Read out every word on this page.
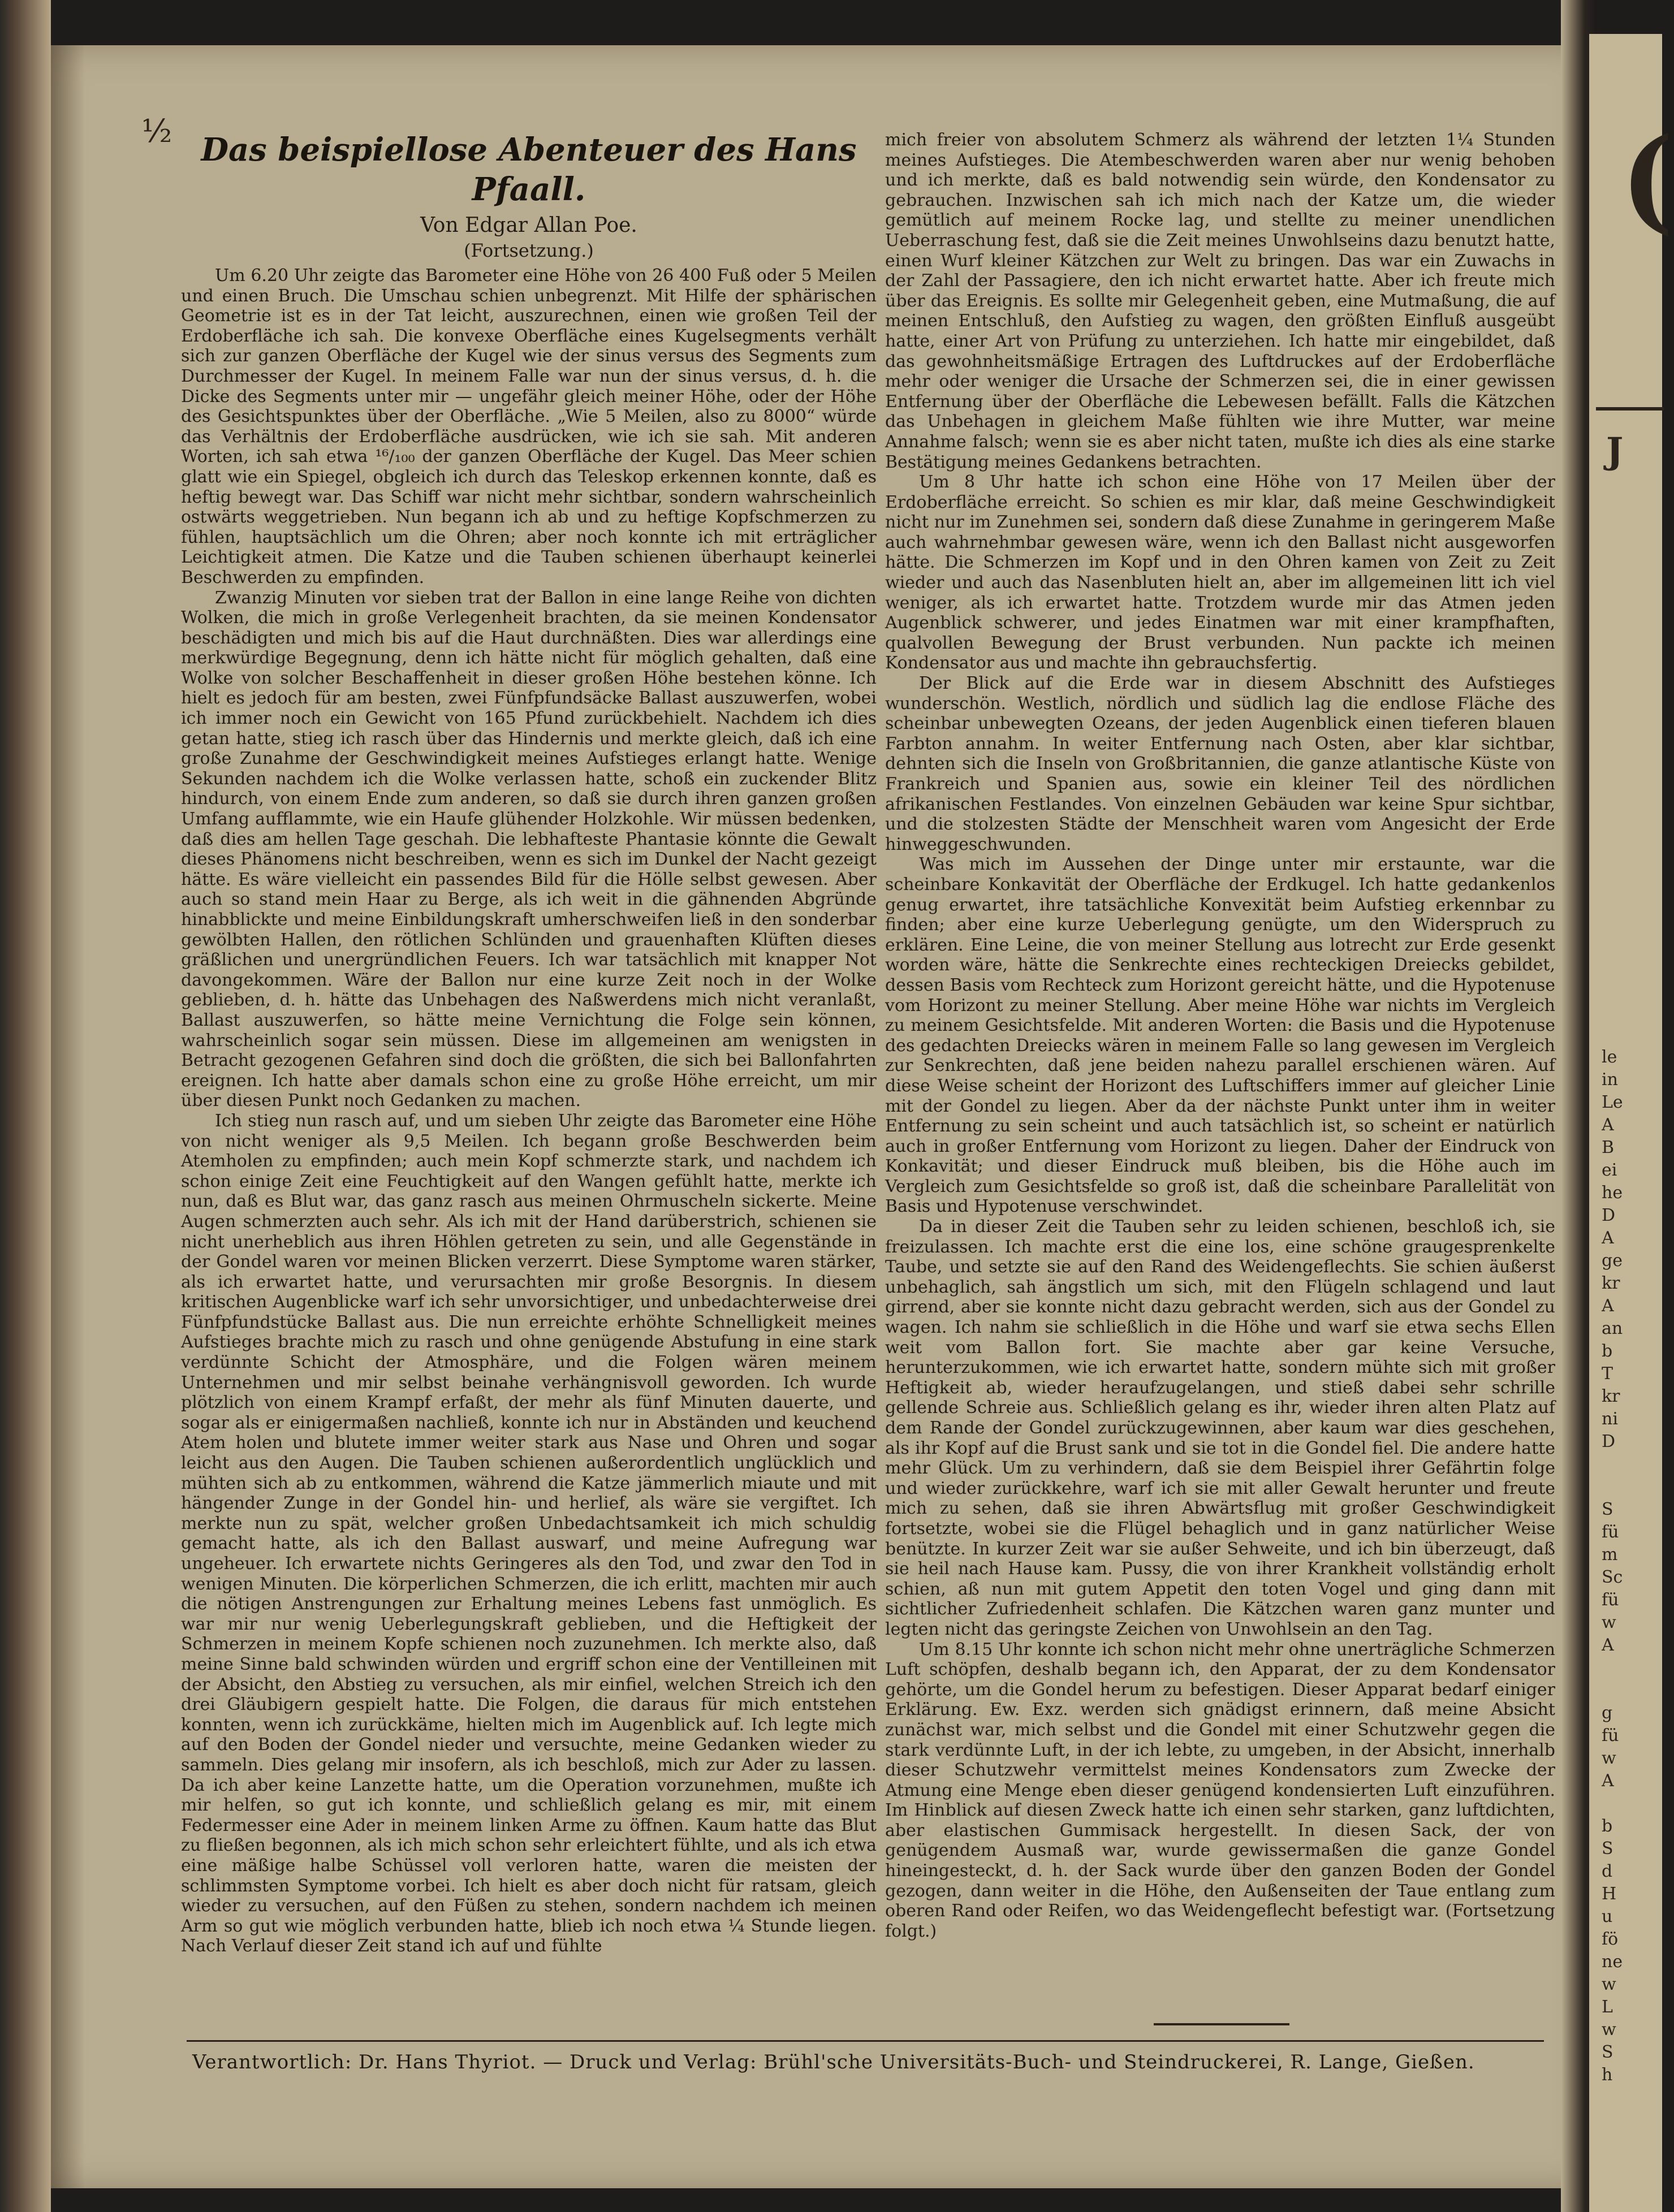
½ Das beispiellose Abenteuer des Hans Pfaall.
Von Edgar Allan Poe.
(Fortsetzung.)

Um 6.20 Uhr zeigte das Barometer eine Höhe von 26 400 Fuß oder 5 Meilen und einen Bruch. Die Umschau schien unbegrenzt. Mit Hilfe der sphärischen Geometrie ist es in der Tat leicht, auszurechnen, einen wie großen Teil der Erdoberfläche ich sah. Die konvexe Oberfläche eines Kugelsegments verhält sich zur ganzen Oberfläche der Kugel wie der sinus versus des Segments zum Durchmesser der Kugel. In meinem Falle war nun der sinus versus, d. h. die Dicke des Segments unter mir — ungefähr gleich meiner Höhe, oder der Höhe des Gesichtspunktes über der Oberfläche. „Wie 5 Meilen, also zu 8000“ würde das Verhältnis der Erdoberfläche ausdrücken, wie ich sie sah. Mit anderen Worten, ich sah etwa ¹⁶/₁₀₀ der ganzen Oberfläche der Kugel. Das Meer schien glatt wie ein Spiegel, obgleich ich durch das Teleskop erkennen konnte, daß es heftig bewegt war. Das Schiff war nicht mehr sichtbar, sondern wahrscheinlich ostwärts weggetrieben. Nun begann ich ab und zu heftige Kopfschmerzen zu fühlen, hauptsächlich um die Ohren; aber noch konnte ich mit erträglicher Leichtigkeit atmen. Die Katze und die Tauben schienen überhaupt keinerlei Beschwerden zu empfinden.

Zwanzig Minuten vor sieben trat der Ballon in eine lange Reihe von dichten Wolken, die mich in große Verlegenheit brachten, da sie meinen Kondensator beschädigten und mich bis auf die Haut durchnäßten. Dies war allerdings eine merkwürdige Begegnung, denn ich hätte nicht für möglich gehalten, daß eine Wolke von solcher Beschaffenheit in dieser großen Höhe bestehen könne. Ich hielt es jedoch für am besten, zwei Fünfpfundsäcke Ballast auszuwerfen, wobei ich immer noch ein Gewicht von 165 Pfund zurückbehielt. Nachdem ich dies getan hatte, stieg ich rasch über das Hindernis und merkte gleich, daß ich eine große Zunahme der Geschwindigkeit meines Aufstieges erlangt hatte. Wenige Sekunden nachdem ich die Wolke verlassen hatte, schoß ein zuckender Blitz hindurch, von einem Ende zum anderen, so daß sie durch ihren ganzen großen Umfang aufflammte, wie ein Haufe glühender Holzkohle. Wir müssen bedenken, daß dies am hellen Tage geschah. Die lebhafteste Phantasie könnte die Gewalt dieses Phänomens nicht beschreiben, wenn es sich im Dunkel der Nacht gezeigt hätte. Es wäre vielleicht ein passendes Bild für die Hölle selbst gewesen. Aber auch so stand mein Haar zu Berge, als ich weit in die gähnenden Abgründe hinabblickte und meine Einbildungskraft umherschweifen ließ in den sonderbar gewölbten Hallen, den rötlichen Schlünden und grauenhaften Klüften dieses gräßlichen und unergründlichen Feuers. Ich war tatsächlich mit knapper Not davongekommen. Wäre der Ballon nur eine kurze Zeit noch in der Wolke geblieben, d. h. hätte das Unbehagen des Naßwerdens mich nicht veranlaßt, Ballast auszuwerfen, so hätte meine Vernichtung die Folge sein können, wahrscheinlich sogar sein müssen. Diese im allgemeinen am wenigsten in Betracht gezogenen Gefahren sind doch die größten, die sich bei Ballonfahrten ereignen. Ich hatte aber damals schon eine zu große Höhe erreicht, um mir über diesen Punkt noch Gedanken zu machen.

Ich stieg nun rasch auf, und um sieben Uhr zeigte das Barometer eine Höhe von nicht weniger als 9,5 Meilen. Ich begann große Beschwerden beim Atemholen zu empfinden; auch mein Kopf schmerzte stark, und nachdem ich schon einige Zeit eine Feuchtigkeit auf den Wangen gefühlt hatte, merkte ich nun, daß es Blut war, das ganz rasch aus meinen Ohrmuscheln sickerte. Meine Augen schmerzten auch sehr. Als ich mit der Hand darüberstrich, schienen sie nicht unerheblich aus ihren Höhlen getreten zu sein, und alle Gegenstände in der Gondel waren vor meinen Blicken verzerrt. Diese Symptome waren stärker, als ich erwartet hatte, und verursachten mir große Besorgnis. In diesem kritischen Augenblicke warf ich sehr unvorsichtiger, und unbedachterweise drei Fünfpfundstücke Ballast aus. Die nun erreichte erhöhte Schnelligkeit meines Aufstieges brachte mich zu rasch und ohne genügende Abstufung in eine stark verdünnte Schicht der Atmosphäre, und die Folgen wären meinem Unternehmen und mir selbst beinahe verhängnisvoll geworden. Ich wurde plötzlich von einem Krampf erfaßt, der mehr als fünf Minuten dauerte, und sogar als er einigermaßen nachließ, konnte ich nur in Abständen und keuchend Atem holen und blutete immer weiter stark aus Nase und Ohren und sogar leicht aus den Augen. Die Tauben schienen außerordentlich unglücklich und mühten sich ab zu entkommen, während die Katze jämmerlich miaute und mit hängender Zunge in der Gondel hin- und herlief, als wäre sie vergiftet. Ich merkte nun zu spät, welcher großen Unbedachtsamkeit ich mich schuldig gemacht hatte, als ich den Ballast auswarf, und meine Aufregung war ungeheuer. Ich erwartete nichts Geringeres als den Tod, und zwar den Tod in wenigen Minuten. Die körperlichen Schmerzen, die ich erlitt, machten mir auch die nötigen Anstrengungen zur Erhaltung meines Lebens fast unmöglich. Es war mir nur wenig Ueberlegungskraft geblieben, und die Heftigkeit der Schmerzen in meinem Kopfe schienen noch zuzunehmen. Ich merkte also, daß meine Sinne bald schwinden würden und ergriff schon eine der Ventilleinen mit der Absicht, den Abstieg zu versuchen, als mir einfiel, welchen Streich ich den drei Gläubigern gespielt hatte. Die Folgen, die daraus für mich entstehen konnten, wenn ich zurückkäme, hielten mich im Augenblick auf. Ich legte mich auf den Boden der Gondel nieder und versuchte, meine Gedanken wieder zu sammeln. Dies gelang mir insofern, als ich beschloß, mich zur Ader zu lassen. Da ich aber keine Lanzette hatte, um die Operation vorzunehmen, mußte ich mir helfen, so gut ich konnte, und schließlich gelang es mir, mit einem Federmesser eine Ader in meinem linken Arme zu öffnen. Kaum hatte das Blut zu fließen begonnen, als ich mich schon sehr erleichtert fühlte, und als ich etwa eine mäßige halbe Schüssel voll verloren hatte, waren die meisten der schlimmsten Symptome vorbei. Ich hielt es aber doch nicht für ratsam, gleich wieder zu versuchen, auf den Füßen zu stehen, sondern nachdem ich meinen Arm so gut wie möglich verbunden hatte, blieb ich noch etwa ¼ Stunde liegen. Nach Verlauf dieser Zeit stand ich auf und fühlte

mich freier von absolutem Schmerz als während der letzten 1¼ Stunden meines Aufstieges. Die Atembeschwerden waren aber nur wenig behoben und ich merkte, daß es bald notwendig sein würde, den Kondensator zu gebrauchen. Inzwischen sah ich mich nach der Katze um, die wieder gemütlich auf meinem Rocke lag, und stellte zu meiner unendlichen Ueberraschung fest, daß sie die Zeit meines Unwohlseins dazu benutzt hatte, einen Wurf kleiner Kätzchen zur Welt zu bringen. Das war ein Zuwachs in der Zahl der Passagiere, den ich nicht erwartet hatte. Aber ich freute mich über das Ereignis. Es sollte mir Gelegenheit geben, eine Mutmaßung, die auf meinen Entschluß, den Aufstieg zu wagen, den größten Einfluß ausgeübt hatte, einer Art von Prüfung zu unterziehen. Ich hatte mir eingebildet, daß das gewohnheitsmäßige Ertragen des Luftdruckes auf der Erdoberfläche mehr oder weniger die Ursache der Schmerzen sei, die in einer gewissen Entfernung über der Oberfläche die Lebewesen befällt. Falls die Kätzchen das Unbehagen in gleichem Maße fühlten wie ihre Mutter, war meine Annahme falsch; wenn sie es aber nicht taten, mußte ich dies als eine starke Bestätigung meines Gedankens betrachten.

Um 8 Uhr hatte ich schon eine Höhe von 17 Meilen über der Erdoberfläche erreicht. So schien es mir klar, daß meine Geschwindigkeit nicht nur im Zunehmen sei, sondern daß diese Zunahme in geringerem Maße auch wahrnehmbar gewesen wäre, wenn ich den Ballast nicht ausgeworfen hätte. Die Schmerzen im Kopf und in den Ohren kamen von Zeit zu Zeit wieder und auch das Nasenbluten hielt an, aber im allgemeinen litt ich viel weniger, als ich erwartet hatte. Trotzdem wurde mir das Atmen jeden Augenblick schwerer, und jedes Einatmen war mit einer krampfhaften, qualvollen Bewegung der Brust verbunden. Nun packte ich meinen Kondensator aus und machte ihn gebrauchsfertig.

Der Blick auf die Erde war in diesem Abschnitt des Aufstieges wunderschön. Westlich, nördlich und südlich lag die endlose Fläche des scheinbar unbewegten Ozeans, der jeden Augenblick einen tieferen blauen Farbton annahm. In weiter Entfernung nach Osten, aber klar sichtbar, dehnten sich die Inseln von Großbritannien, die ganze atlantische Küste von Frankreich und Spanien aus, sowie ein kleiner Teil des nördlichen afrikanischen Festlandes. Von einzelnen Gebäuden war keine Spur sichtbar, und die stolzesten Städte der Menschheit waren vom Angesicht der Erde hinweggeschwunden.

Was mich im Aussehen der Dinge unter mir erstaunte, war die scheinbare Konkavität der Oberfläche der Erdkugel. Ich hatte gedankenlos genug erwartet, ihre tatsächliche Konvexität beim Aufstieg erkennbar zu finden; aber eine kurze Ueberlegung genügte, um den Widerspruch zu erklären. Eine Leine, die von meiner Stellung aus lotrecht zur Erde gesenkt worden wäre, hätte die Senkrechte eines rechteckigen Dreiecks gebildet, dessen Basis vom Rechteck zum Horizont gereicht hätte, und die Hypotenuse vom Horizont zu meiner Stellung. Aber meine Höhe war nichts im Vergleich zu meinem Gesichtsfelde. Mit anderen Worten: die Basis und die Hypotenuse des gedachten Dreiecks wären in meinem Falle so lang gewesen im Vergleich zur Senkrechten, daß jene beiden nahezu parallel erschienen wären. Auf diese Weise scheint der Horizont des Luftschiffers immer auf gleicher Linie mit der Gondel zu liegen. Aber da der nächste Punkt unter ihm in weiter Entfernung zu sein scheint und auch tatsächlich ist, so scheint er natürlich auch in großer Entfernung vom Horizont zu liegen. Daher der Eindruck von Konkavität; und dieser Eindruck muß bleiben, bis die Höhe auch im Vergleich zum Gesichtsfelde so groß ist, daß die scheinbare Parallelität von Basis und Hypotenuse verschwindet.

Da in dieser Zeit die Tauben sehr zu leiden schienen, beschloß ich, sie freizulassen. Ich machte erst die eine los, eine schöne graugesprenkelte Taube, und setzte sie auf den Rand des Weidengeflechts. Sie schien äußerst unbehaglich, sah ängstlich um sich, mit den Flügeln schlagend und laut girrend, aber sie konnte nicht dazu gebracht werden, sich aus der Gondel zu wagen. Ich nahm sie schließlich in die Höhe und warf sie etwa sechs Ellen weit vom Ballon fort. Sie machte aber gar keine Versuche, herunterzukommen, wie ich erwartet hatte, sondern mühte sich mit großer Heftigkeit ab, wieder heraufzugelangen, und stieß dabei sehr schrille gellende Schreie aus. Schließlich gelang es ihr, wieder ihren alten Platz auf dem Rande der Gondel zurückzugewinnen, aber kaum war dies geschehen, als ihr Kopf auf die Brust sank und sie tot in die Gondel fiel. Die andere hatte mehr Glück. Um zu verhindern, daß sie dem Beispiel ihrer Gefährtin folge und wieder zurückkehre, warf ich sie mit aller Gewalt herunter und freute mich zu sehen, daß sie ihren Abwärtsflug mit großer Geschwindigkeit fortsetzte, wobei sie die Flügel behaglich und in ganz natürlicher Weise benützte. In kurzer Zeit war sie außer Sehweite, und ich bin überzeugt, daß sie heil nach Hause kam. Pussy, die von ihrer Krankheit vollständig erholt schien, aß nun mit gutem Appetit den toten Vogel und ging dann mit sichtlicher Zufriedenheit schlafen. Die Kätzchen waren ganz munter und legten nicht das geringste Zeichen von Unwohlsein an den Tag.

Um 8.15 Uhr konnte ich schon nicht mehr ohne unerträgliche Schmerzen Luft schöpfen, deshalb begann ich, den Apparat, der zu dem Kondensator gehörte, um die Gondel herum zu befestigen. Dieser Apparat bedarf einiger Erklärung. Ew. Exz. werden sich gnädigst erinnern, daß meine Absicht zunächst war, mich selbst und die Gondel mit einer Schutzwehr gegen die stark verdünnte Luft, in der ich lebte, zu umgeben, in der Absicht, innerhalb dieser Schutzwehr vermittelst meines Kondensators zum Zwecke der Atmung eine Menge eben dieser genügend kondensierten Luft einzuführen. Im Hinblick auf diesen Zweck hatte ich einen sehr starken, ganz luftdichten, aber elastischen Gummisack hergestellt. In diesen Sack, der von genügendem Ausmaß war, wurde gewissermaßen die ganze Gondel hineingesteckt, d. h. der Sack wurde über den ganzen Boden der Gondel gezogen, dann weiter in die Höhe, den Außenseiten der Taue entlang zum oberen Rand oder Reifen, wo das Weidengeflecht befestigt war. (Fortsetzung folgt.)

Verantwortlich: Dr. Hans Thyriot. — Druck und Verlag: Brühl'sche Universitäts-Buch- und Steindruckerei, R. Lange, Gießen.
(
J
le
in
Le
A
B
ei
he
D
A
ge
kr
A
an
b
T
kr
ni
D
S
fü
m
Sc
fü
w
A
g
fü
w
A
b
S
d
H
u
fö
ne
w
L
w
S
h
